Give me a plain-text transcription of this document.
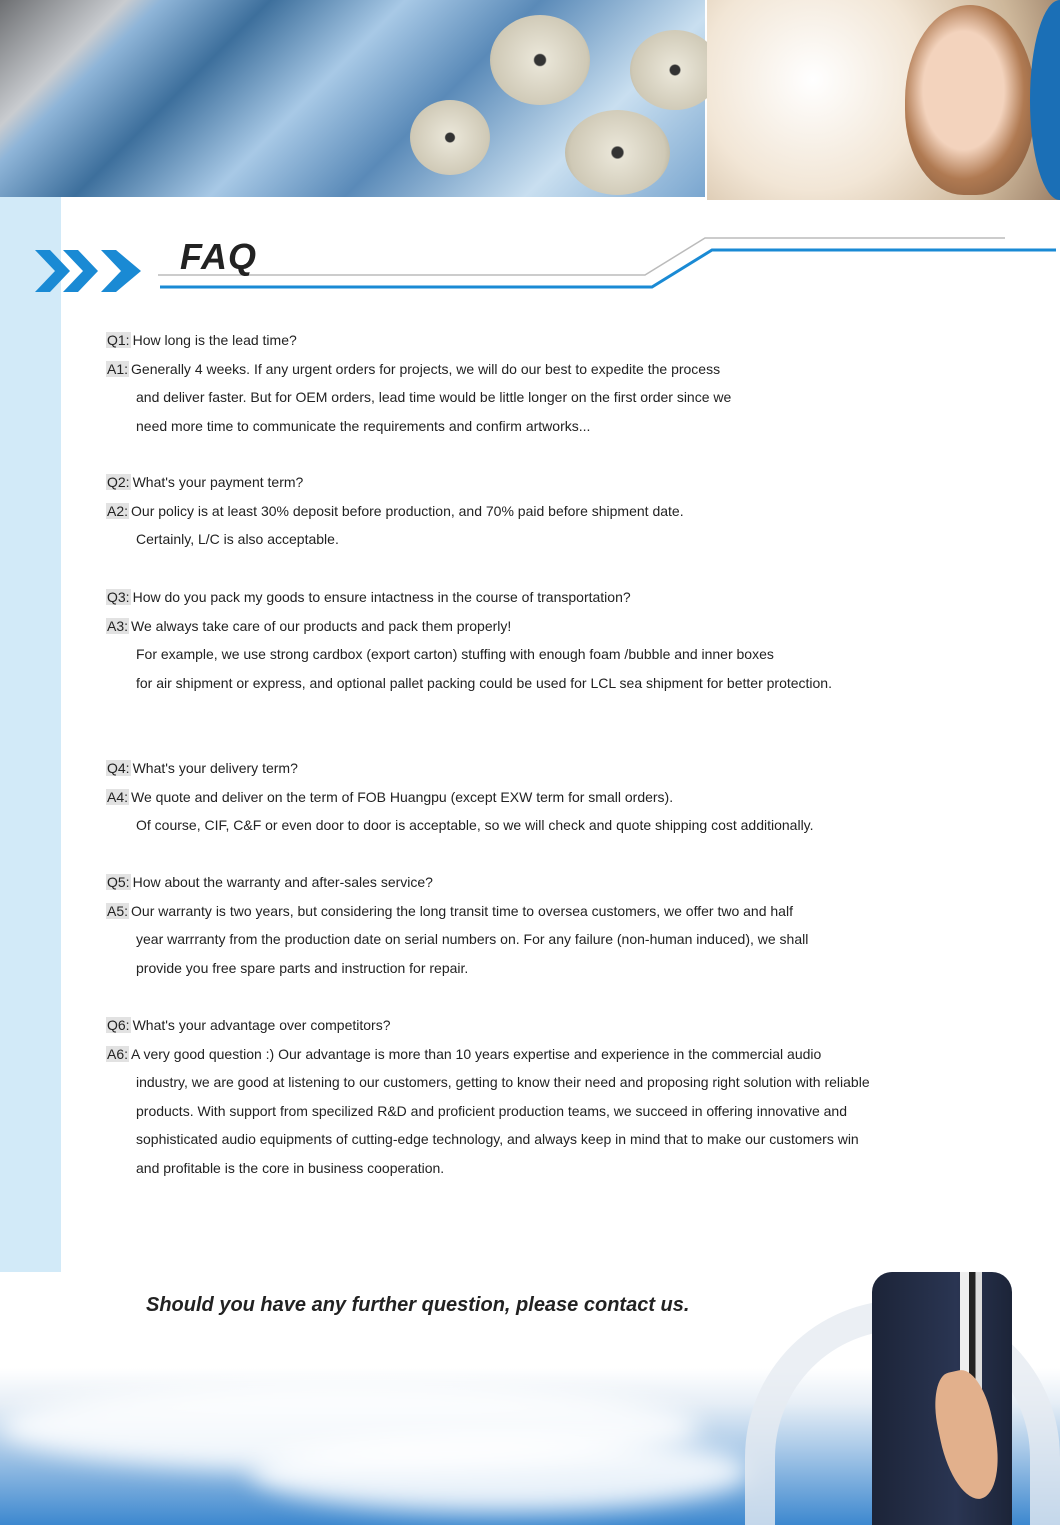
FAQ
Q1: How long is the lead time?
A1: Generally 4 weeks. If any urgent orders for projects, we will do our best to expedite the process
and deliver faster. But for OEM orders, lead time would be little longer on the first order since we
need more time to communicate the requirements and confirm artworks...
Q2: What's your payment term?
A2: Our policy is at least 30% deposit before production, and 70% paid before shipment date.
Certainly, L/C is also acceptable.
Q3: How do you pack my goods to ensure intactness in the course of transportation?
A3: We always take care of our products and pack them properly!
For example, we use strong cardbox (export carton) stuffing with enough foam /bubble and inner boxes
for air shipment or express, and optional pallet packing could be used for LCL sea shipment for better protection.
Q4: What's your delivery term?
A4: We quote and deliver on the term of FOB Huangpu (except EXW term for small orders).
Of course, CIF, C&F or even door to door is acceptable, so we will check and quote shipping cost additionally.
Q5: How about the warranty and after-sales service?
A5: Our warranty is two years, but considering the long transit time to oversea customers, we offer two and half
year warrranty from the production date on serial numbers on. For any failure (non-human induced), we shall
provide you free spare parts and instruction for repair.
Q6: What's your advantage over competitors?
A6: A very good question :) Our advantage is more than 10 years expertise and experience in the commercial audio
industry, we are good at listening to our customers, getting to know their need and proposing right solution with reliable
products. With support from specilized R&D and proficient production teams, we succeed in offering innovative and
sophisticated audio equipments of cutting-edge technology, and always keep in mind that to make our customers win
and profitable is the core in business cooperation.
Should you have any further question, please contact us.
